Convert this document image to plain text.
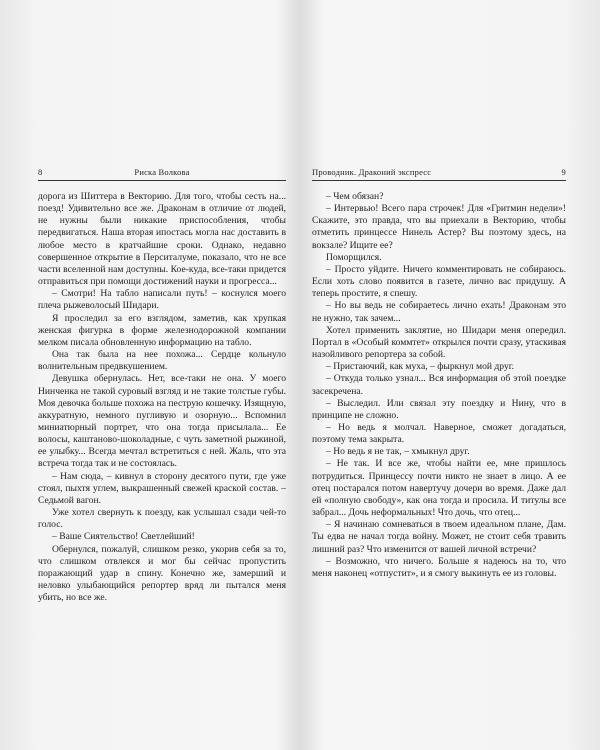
8	Риска Волкова

дорога из Шиттера в Векторию. Для того, чтобы сесть на... поезд! Удивительно все же. Драконам в отличие от людей, не нужны были никакие приспособления, чтобы передвигаться. Наша вторая ипостась могла нас доставить в любое место в кратчайшие сроки. Однако, недавно совершенное открытие в Перситалуме, показало, что не все части вселенной нам доступны. Кое-куда, все-таки придется отправиться при помощи достижений науки и прогресса...

– Смотри! На табло написали путь! – коснулся моего плеча рыжеволосый Шидари.

Я проследил за его взглядом, заметив, как хрупкая женская фигурка в форме железнодорожной компании мелком писала обновленную информацию на табло.

Она так была на нее похожа... Сердце кольнуло волнительным предвкушением.

Девушка обернулась. Нет, все-таки не она. У моего Нинченка не такой суровый взгляд и не такие толстые губы. Моя девочка больше похожа на пеструю кошечку. Изящную, аккуратную, немного пугливую и озорную... Вспомнил миниатюрный портрет, что она тогда присылала... Ее волосы, каштаново-шоколадные, с чуть заметной рыжиной, ее улыбку... Всегда мечтал встретиться с ней. Жаль, что эта встреча тогда так и не состоялась.

– Нам сюда, – кивнул в сторону десятого пути, где уже стоял, пыхтя углем, выкрашенный свежей краской состав. – Седьмой вагон.

Уже хотел свернуть к поезду, как услышал сзади чей-то голос.

– Ваше Сиятельство! Светлейший!

Обернулся, пожалуй, слишком резко, укорив себя за то, что слишком отвлекся и мог бы сейчас пропустить поражающий удар в спину. Конечно же, замерший и неловко улыбающийся репортер вряд ли пытался меня убить, но все же.

Проводник. Драконий экспресс	9

– Чем обязан?

– Интервью! Всего пара строчек! Для «Гритмин недели»! Скажите, это правда, что вы приехали в Векторию, чтобы отметить принцессе Нинель Астер? Вы поэтому здесь, на вокзале? Ищите ее?

Поморщился.

– Просто уйдите. Ничего комментировать не собираюсь. Если хоть слово появится в газете, лично вас придушу. А теперь простите, я спешу.

– Но вы ведь не собираетесь лично ехать! Драконам это не нужно, так зачем...

Хотел применить заклятие, но Шидари меня опередил. Портал в «Особый коммтет» открылся почти сразу, утаскивая назойливого репортера за собой.

– Пристаючий, как муха, – фыркнул мой друг.

– Откуда только узнал... Вся информация об этой поездке засекречена.

– Выследил. Или связал эту поездку и Нину, что в принципе не сложно.

– Но ведь я молчал. Наверное, сможет догадаться, поэтому тема закрыта.

– Но ведь я не так, – хмыкнул друг.

– Не так. И все же, чтобы найти ее, мне пришлось потрудиться. Принцессу почти никто не знает в лицо. А ее отец постарался потом навертучу дочери во время. Даже дал ей «полную свободу», как она тогда и просила. И титулы все забрал... Дочь неформальных! Что дочь, что отец...

– Я начинаю сомневаться в твоем идеальном плане, Дам. Ты едва не начал тогда войну. Может, не стоит себя травить лишний раз? Что изменится от вашей личной встречи?

– Возможно, что ничего. Больше я надеюсь на то, что меня наконец «отпустит», и я смогу выкинуть ее из головы.
